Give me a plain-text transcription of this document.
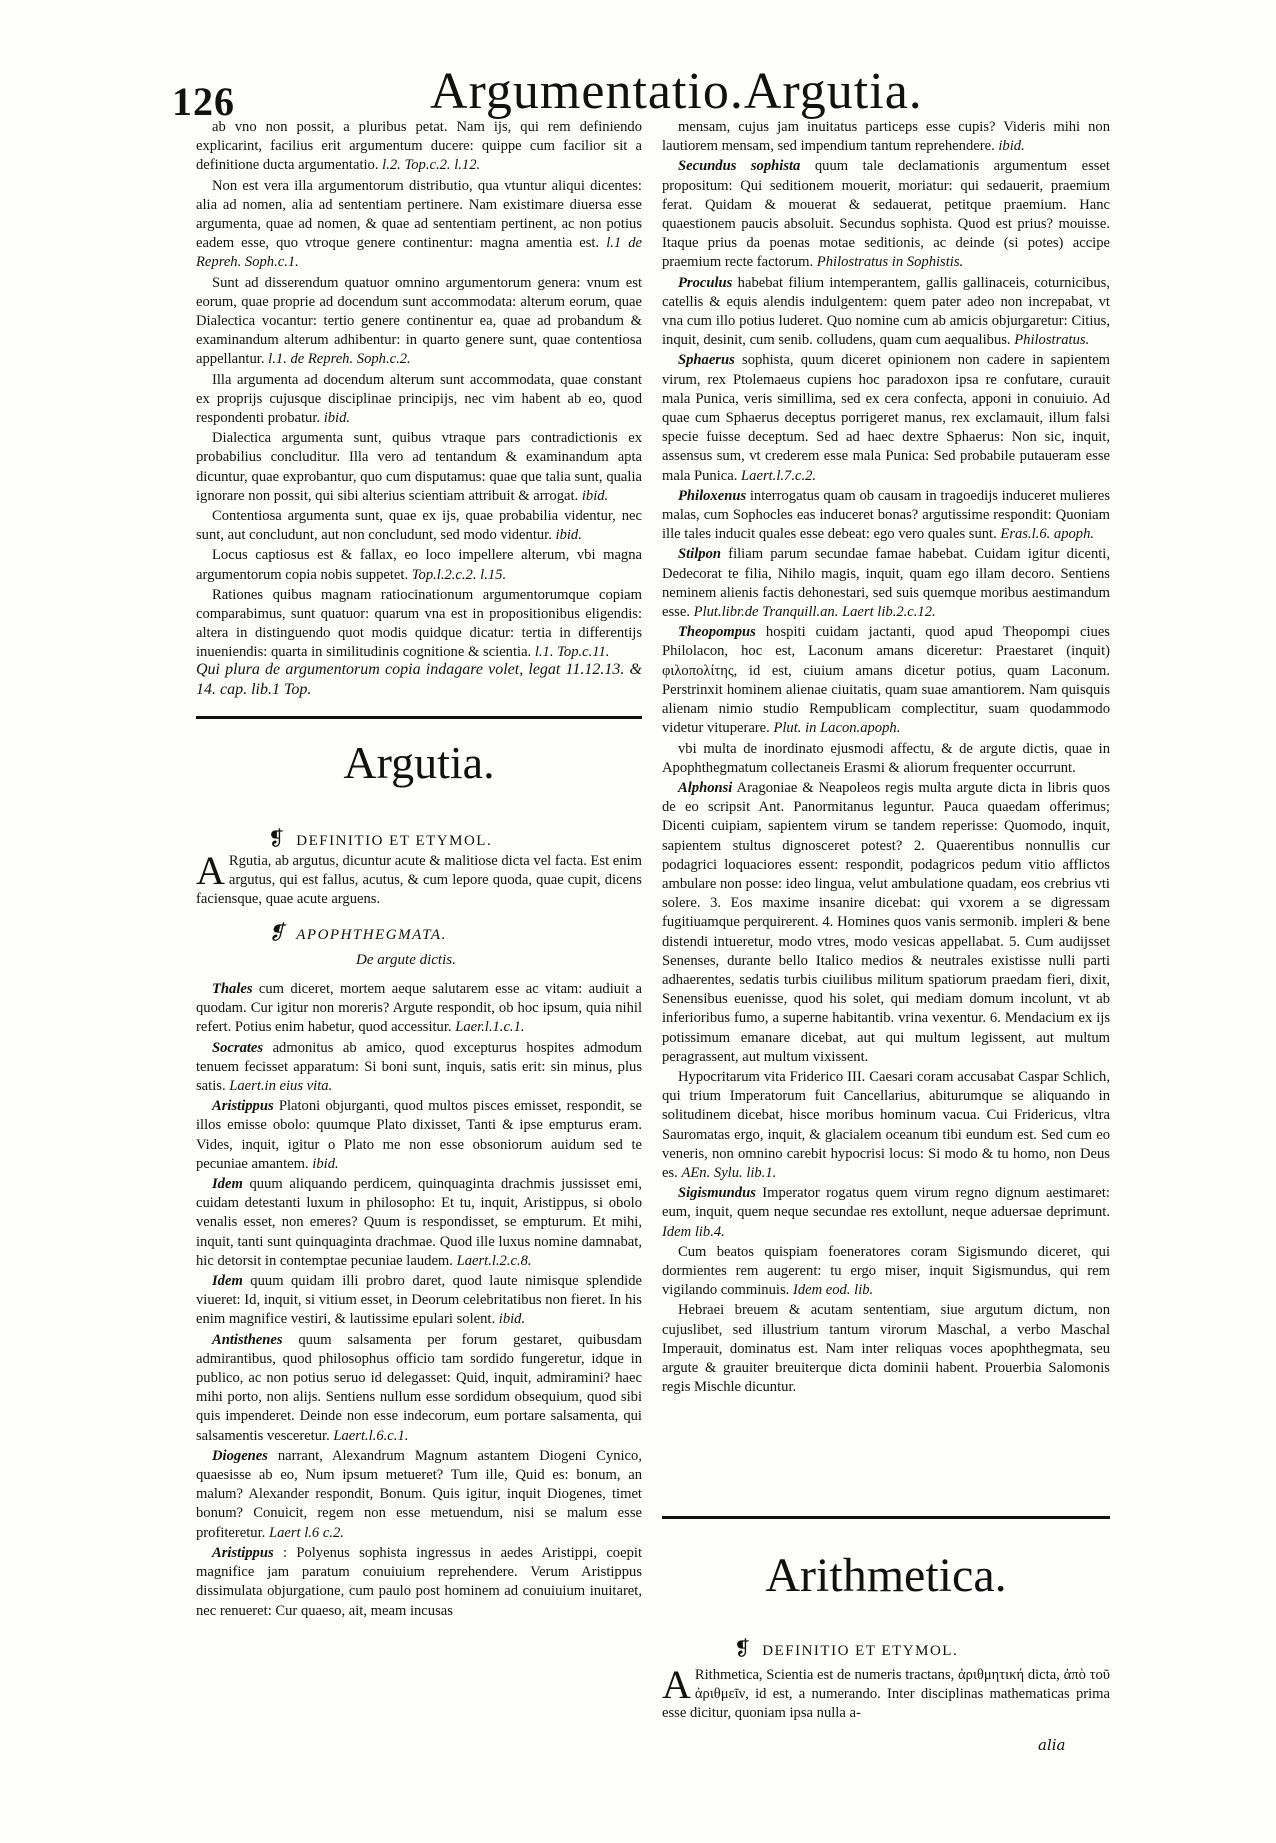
126	Argumentatio.Argutia.

ab vno non possit, a pluribus petat. Nam ijs, qui rem definiendo explicarint, facilius erit argumentum ducere: quippe cum facilior sit a definitione ducta argumentatio. l.2. Top.c.2. l.12.

Non est vera illa argumentorum distributio, qua vtuntur aliqui dicentes: alia ad nomen, alia ad sententiam pertinere. Nam existimare diuersa esse argumenta, quae ad nomen, & quae ad sententiam pertinent, ac non potius eadem esse, quo vtroque genere continentur: magna amentia est. l.1 de Repreh. Soph.c.1.

Sunt ad disserendum quatuor omnino argumentorum genera: vnum est eorum, quae proprie ad docendum sunt accommodata: alterum eorum, quae Dialectica vocantur: tertio genere continentur ea, quae ad probandum & examinandum alterum adhibentur: in quarto genere sunt, quae contentiosa appellantur. l.1. de Repreh. Soph.c.2.

Illa argumenta ad docendum alterum sunt accommodata, quae constant ex proprijs cujusque disciplinae principijs, nec vim habent ab eo, quod respondenti probatur. ibid.

Dialectica argumenta sunt, quibus vtraque pars contradictionis ex probabilius concluditur. Illa vero ad tentandum & examinandum apta dicuntur, quae exprobantur, quo cum disputamus: quae que talia sunt, qualia ignorare non possit, qui sibi alterius scientiam attribuit & arrogat. ibid.

Contentiosa argumenta sunt, quae ex ijs, quae probabilia videntur, nec sunt, aut concludunt, aut non concludunt, sed modo videntur. ibid.

Locus captiosus est & fallax, eo loco impellere alterum, vbi magna argumentorum copia nobis suppetet. Top.l.2.c.2. l.15.

Rationes quibus magnam ratiocinationum argumentorumque copiam comparabimus, sunt quatuor: quarum vna est in propositionibus eligendis: altera in distinguendo quot modis quidque dicatur: tertia in differentijs inueniendis: quarta in similitudinis cognitione & scientia. l.1. Top.c.11.

Qui plura de argumentorum copia indagare volet, legat 11.12.13. & 14. cap. lib.1 Top.
Argutia.
❡ DEFINITIO ET ETYMOL.
A Rgutia, ab argutus, dicuntur acute & malitiose dicta vel facta. Est enim argutus, qui est fallus, acutus, & cum lepore quoda, quae cupit, dicens faciensque, quae acute arguens.
❡ APOPHTHEGMATA.
De argute dictis.

Thales cum diceret, mortem aeque salutarem esse ac vitam: audiuit a quodam. Cur igitur non moreris? Argute respondit, ob hoc ipsum, quia nihil refert. Potius enim habetur, quod accessitur. Laer.l.1.c.1.

Socrates admonitus ab amico, quod excepturus hospites admodum tenuem fecisset apparatum: Si boni sunt, inquis, satis erit: sin minus, plus satis. Laert.in eius vita.

Aristippus Platoni objurganti, quod multos pisces emisset, respondit, se illos emisse obolo: quumque Plato dixisset, Tanti & ipse empturus eram. Vides, inquit, igitur o Plato me non esse obsoniorum auidum sed te pecuniae amantem. ibid.

Idem quum aliquando perdicem, quinquaginta drachmis jussisset emi, cuidam detestanti luxum in philosopho: Et tu, inquit, Aristippus, si obolo venalis esset, non emeres? Quum is respondisset, se empturum. Et mihi, inquit, tanti sunt quinquaginta drachmae. Quod ille luxus nomine damnabat, hic detorsit in contemptae pecuniae laudem. Laert.l.2.c.8.

Idem quum quidam illi probro daret, quod laute nimisque splendide viueret: Id, inquit, si vitium esset, in Deorum celebritatibus non fieret. In his enim magnifice vestiri, & lautissime epulari solent. ibid.

Antisthenes quum salsamenta per forum gestaret, quibusdam admirantibus, quod philosophus officio tam sordido fungeretur, idque in publico, ac non potius seruo id delegasset: Quid, inquit, admiramini? haec mihi porto, non alijs. Sentiens nullum esse sordidum obsequium, quod sibi quis impenderet. Deinde non esse indecorum, eum portare salsamenta, qui salsamentis vesceretur. Laert.l.6.c.1.

Diogenes narrant, Alexandrum Magnum astantem Diogeni Cynico, quaesisse ab eo, Num ipsum metueret? Tum ille, Quid es: bonum, an malum? Alexander respondit, Bonum. Quis igitur, inquit Diogenes, timet bonum? Conuicit, regem non esse metuendum, nisi se malum esse profiteretur. Laert l.6 c.2.

Aristippus : Polyenus sophista ingressus in aedes Aristippi, coepit magnifice jam paratum conuiuium reprehendere. Verum Aristippus dissimulata objurgatione, cum paulo post hominem ad conuiuium inuitaret, nec renueret: Cur quaeso, ait, meam incusas

mensam, cujus jam inuitatus particeps esse cupis? Videris mihi non lautiorem mensam, sed impendium tantum reprehendere. ibid.

Secundus sophista quum tale declamationis argumentum esset propositum: Qui seditionem mouerit, moriatur: qui sedauerit, praemium ferat. Quidam & mouerat & sedauerat, petitque praemium. Hanc quaestionem paucis absoluit. Secundus sophista. Quod est prius? mouisse. Itaque prius da poenas motae seditionis, ac deinde (si potes) accipe praemium recte factorum. Philostratus in Sophistis.

Proculus habebat filium intemperantem, gallis gallinaceis, coturnicibus, catellis & equis alendis indulgentem: quem pater adeo non increpabat, vt vna cum illo potius luderet. Quo nomine cum ab amicis objurgaretur: Citius, inquit, desinit, cum senib. colludens, quam cum aequalibus. Philostratus.

Sphaerus sophista, quum diceret opinionem non cadere in sapientem virum, rex Ptolemaeus cupiens hoc paradoxon ipsa re confutare, curauit mala Punica, veris simillima, sed ex cera confecta, apponi in conuiuio. Ad quae cum Sphaerus deceptus porrigeret manus, rex exclamauit, illum falsi specie fuisse deceptum. Sed ad haec dextre Sphaerus: Non sic, inquit, assensus sum, vt crederem esse mala Punica: Sed probabile putaueram esse mala Punica. Laert.l.7.c.2.

Philoxenus interrogatus quam ob causam in tragoedijs induceret mulieres malas, cum Sophocles eas induceret bonas? argutissime respondit: Quoniam ille tales inducit quales esse debeat: ego vero quales sunt. Eras.l.6. apoph.

Stilpon filiam parum secundae famae habebat. Cuidam igitur dicenti, Dedecorat te filia, Nihilo magis, inquit, quam ego illam decoro. Sentiens neminem alienis factis dehonestari, sed suis quemque moribus aestimandum esse. Plut.libr.de Tranquill.an. Laert lib.2.c.12.

Theopompus hospiti cuidam jactanti, quod apud Theopompi ciues Philolacon, hoc est, Laconum amans diceretur: Praestaret (inquit) φιλοπολίτης, id est, ciuium amans dicetur potius, quam Laconum. Perstrinxit hominem alienae ciuitatis, quam suae amantiorem. Nam quisquis alienam nimio studio Rempublicam complectitur, suam quodammodo videtur vituperare. Plut. in Lacon.apoph.

vbi multa de inordinato ejusmodi affectu, & de argute dictis, quae in Apophthegmatum collectaneis Erasmi & aliorum frequenter occurrunt.

Alphonsi Aragoniae & Neapoleos regis multa argute dicta in libris quos de eo scripsit Ant. Panormitanus leguntur. Pauca quaedam offerimus; Dicenti cuipiam, sapientem virum se tandem reperisse: Quomodo, inquit, sapientem stultus dignosceret potest? 2. Quaerentibus nonnullis cur podagrici loquaciores essent: respondit, podagricos pedum vitio afflictos ambulare non posse: ideo lingua, velut ambulatione quadam, eos crebrius vti solere. 3. Eos maxime insanire dicebat: qui vxorem a se digressam fugitiuamque perquirerent. 4. Homines quos vanis sermonib. impleri & bene distendi intueretur, modo vtres, modo vesicas appellabat. 5. Cum audijsset Senenses, durante bello Italico medios & neutrales existisse nulli parti adhaerentes, sedatis turbis ciuilibus militum spatiorum praedam fieri, dixit, Senensibus euenisse, quod his solet, qui mediam domum incolunt, vt ab inferioribus fumo, a superne habitantib. vrina vexentur. 6. Mendacium ex ijs potissimum emanare dicebat, aut qui multum legissent, aut multum peragrassent, aut multum vixissent.

Hypocritarum vita Friderico III. Caesari coram accusabat Caspar Schlich, qui trium Imperatorum fuit Cancellarius, abiturumque se aliquando in solitudinem dicebat, hisce moribus hominum vacua. Cui Fridericus, vltra Sauromatas ergo, inquit, & glacialem oceanum tibi eundum est. Sed cum eo veneris, non omnino carebit hypocrisi locus: Si modo & tu homo, non Deus es. AEn. Sylu. lib.1.

Sigismundus Imperator rogatus quem virum regno dignum aestimaret: eum, inquit, quem neque secundae res extollunt, neque aduersae deprimunt. Idem lib.4.

Cum beatos quispiam foeneratores coram Sigismundo diceret, qui dormientes rem augerent: tu ergo miser, inquit Sigismundus, qui rem vigilando comminuis. Idem eod. lib.

Hebraei breuem & acutam sententiam, siue argutum dictum, non cujuslibet, sed illustrium tantum virorum Maschal, a verbo Maschal Imperauit, dominatus est. Nam inter reliquas voces apophthegmata, seu argute & grauiter breuiterque dicta dominii habent. Prouerbia Salomonis regis Mischle dicuntur.

Arithmetica.
❡ DEFINITIO ET ETYMOL.
A Rithmetica, Scientia est de numeris tractans, ἀριθμητική dicta, ἀπὸ τοῦ ἀριθμεῖν, id est, a numerando. Inter disciplinas mathematicas prima esse dicitur, quoniam ipsa nulla a-
alia
